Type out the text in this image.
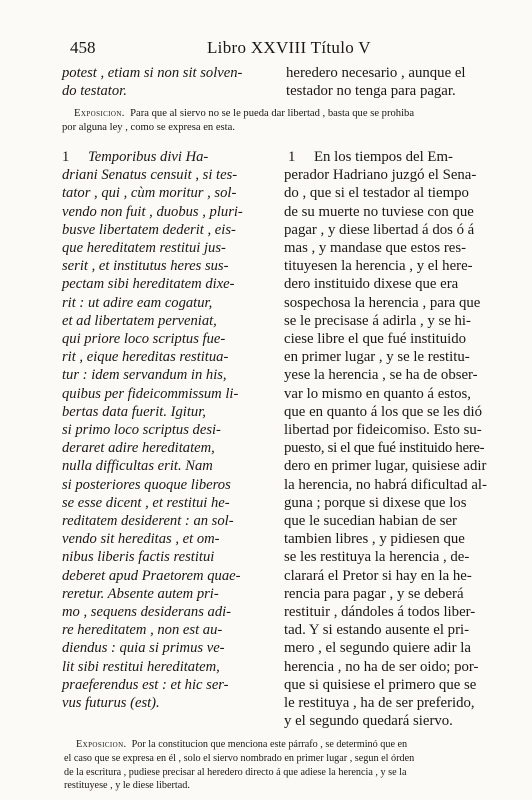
458	Libro XXVIII Título V
potest , etiam si non sit solven-
do testator.
heredero necesario , aunque el
testador no tenga para pagar.
Exposicion. Para que al siervo no se le pueda dar libertad , basta que se prohiba
por alguna ley , como se expresa en esta.
1 Temporibus divi Ha-
driani Senatus censuit , si tes-
tator , qui , cùm moritur , sol-
vendo non fuit , duobus , pluri-
busve libertatem dederit , eis-
que hereditatem restitui jus-
serit , et institutus heres sus-
pectam sibi hereditatem dixe-
rit : ut adire eam cogatur,
et ad libertatem perveniat,
qui priore loco scriptus fue-
rit , eique hereditas restitua-
tur : idem servandum in his,
quibus per fideicommissum li-
bertas data fuerit. Igitur,
si primo loco scriptus desi-
deraret adire hereditatem,
nulla difficultas erit. Nam
si posteriores quoque liberos
se esse dicent , et restitui he-
reditatem desiderent : an sol-
vendo sit hereditas , et om-
nibus liberis factis restitui
deberet apud Praetorem quae-
reretur. Absente autem pri-
mo , sequens desiderans adi-
re hereditatem , non est au-
diendus : quia si primus ve-
lit sibi restitui hereditatem,
praeferendus est : et hic ser-
vus futurus (est).
1 En los tiempos del Em-
perador Hadriano juzgó el Sena-
do , que si el testador al tiempo
de su muerte no tuviese con que
pagar , y diese libertad á dos ó á
mas , y mandase que estos res-
tituyesen la herencia , y el here-
dero instituido dixese que era
sospechosa la herencia , para que
se le precisase á adirla , y se hi-
ciese libre el que fué instituido
en primer lugar , y se le restitu-
yese la herencia , se ha de obser-
var lo mismo en quanto á estos,
que en quanto á los que se les dió
libertad por fideicomiso. Esto su-
puesto, si el que fué instituido here-
dero en primer lugar, quisiese adir
la herencia, no habrá dificultad al-
guna ; porque si dixese que los
que le sucedian habian de ser
tambien libres , y pidiesen que
se les restituya la herencia , de-
clarará el Pretor si hay en la he-
rencia para pagar , y se deberá
restituir , dándoles á todos liber-
tad. Y si estando ausente el pri-
mero , el segundo quiere adir la
herencia , no ha de ser oido; por-
que si quisiese el primero que se
le restituya , ha de ser preferido,
y el segundo quedará siervo.
Exposicion. Por la constitucion que menciona este párrafo , se determinó que en
el caso que se expresa en él , solo el siervo nombrado en primer lugar , segun el órden
de la escritura , pudiese precisar al heredero directo á que adiese la herencia , y se la
restituyese , y le diese libertad.
